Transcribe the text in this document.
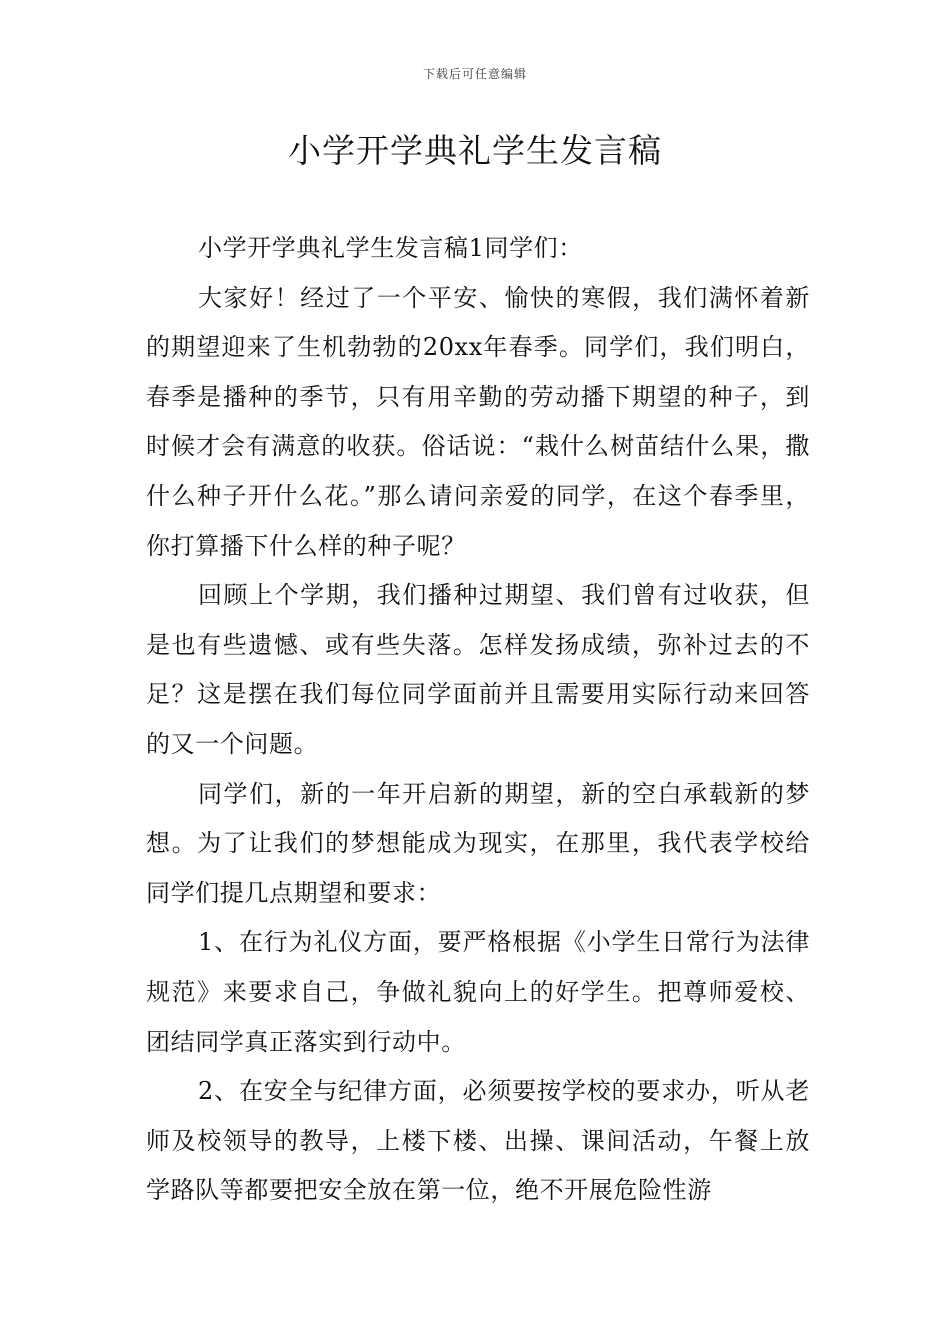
下载后可任意编辑
小学开学典礼学生发言稿

小学开学典礼学生发言稿1同学们：

大家好！经过了一个平安、愉快的寒假，我们满怀着新的期望迎来了生机勃勃的20xx年春季。同学们，我们明白，春季是播种的季节，只有用辛勤的劳动播下期望的种子，到时候才会有满意的收获。俗话说：“栽什么树苗结什么果，撒什么种子开什么花。”那么请问亲爱的同学，在这个春季里，你打算播下什么样的种子呢？

回顾上个学期，我们播种过期望、我们曾有过收获，但是也有些遗憾、或有些失落。怎样发扬成绩，弥补过去的不足？这是摆在我们每位同学面前并且需要用实际行动来回答的又一个问题。

同学们，新的一年开启新的期望，新的空白承载新的梦想。为了让我们的梦想能成为现实，在那里，我代表学校给同学们提几点期望和要求：

1、在行为礼仪方面，要严格根据《小学生日常行为法律规范》来要求自己，争做礼貌向上的好学生。把尊师爱校、团结同学真正落实到行动中。

2、在安全与纪律方面，必须要按学校的要求办，听从老师及校领导的教导，上楼下楼、出操、课间活动，午餐上放学路队等都要把安全放在第一位，绝不开展危险性游
